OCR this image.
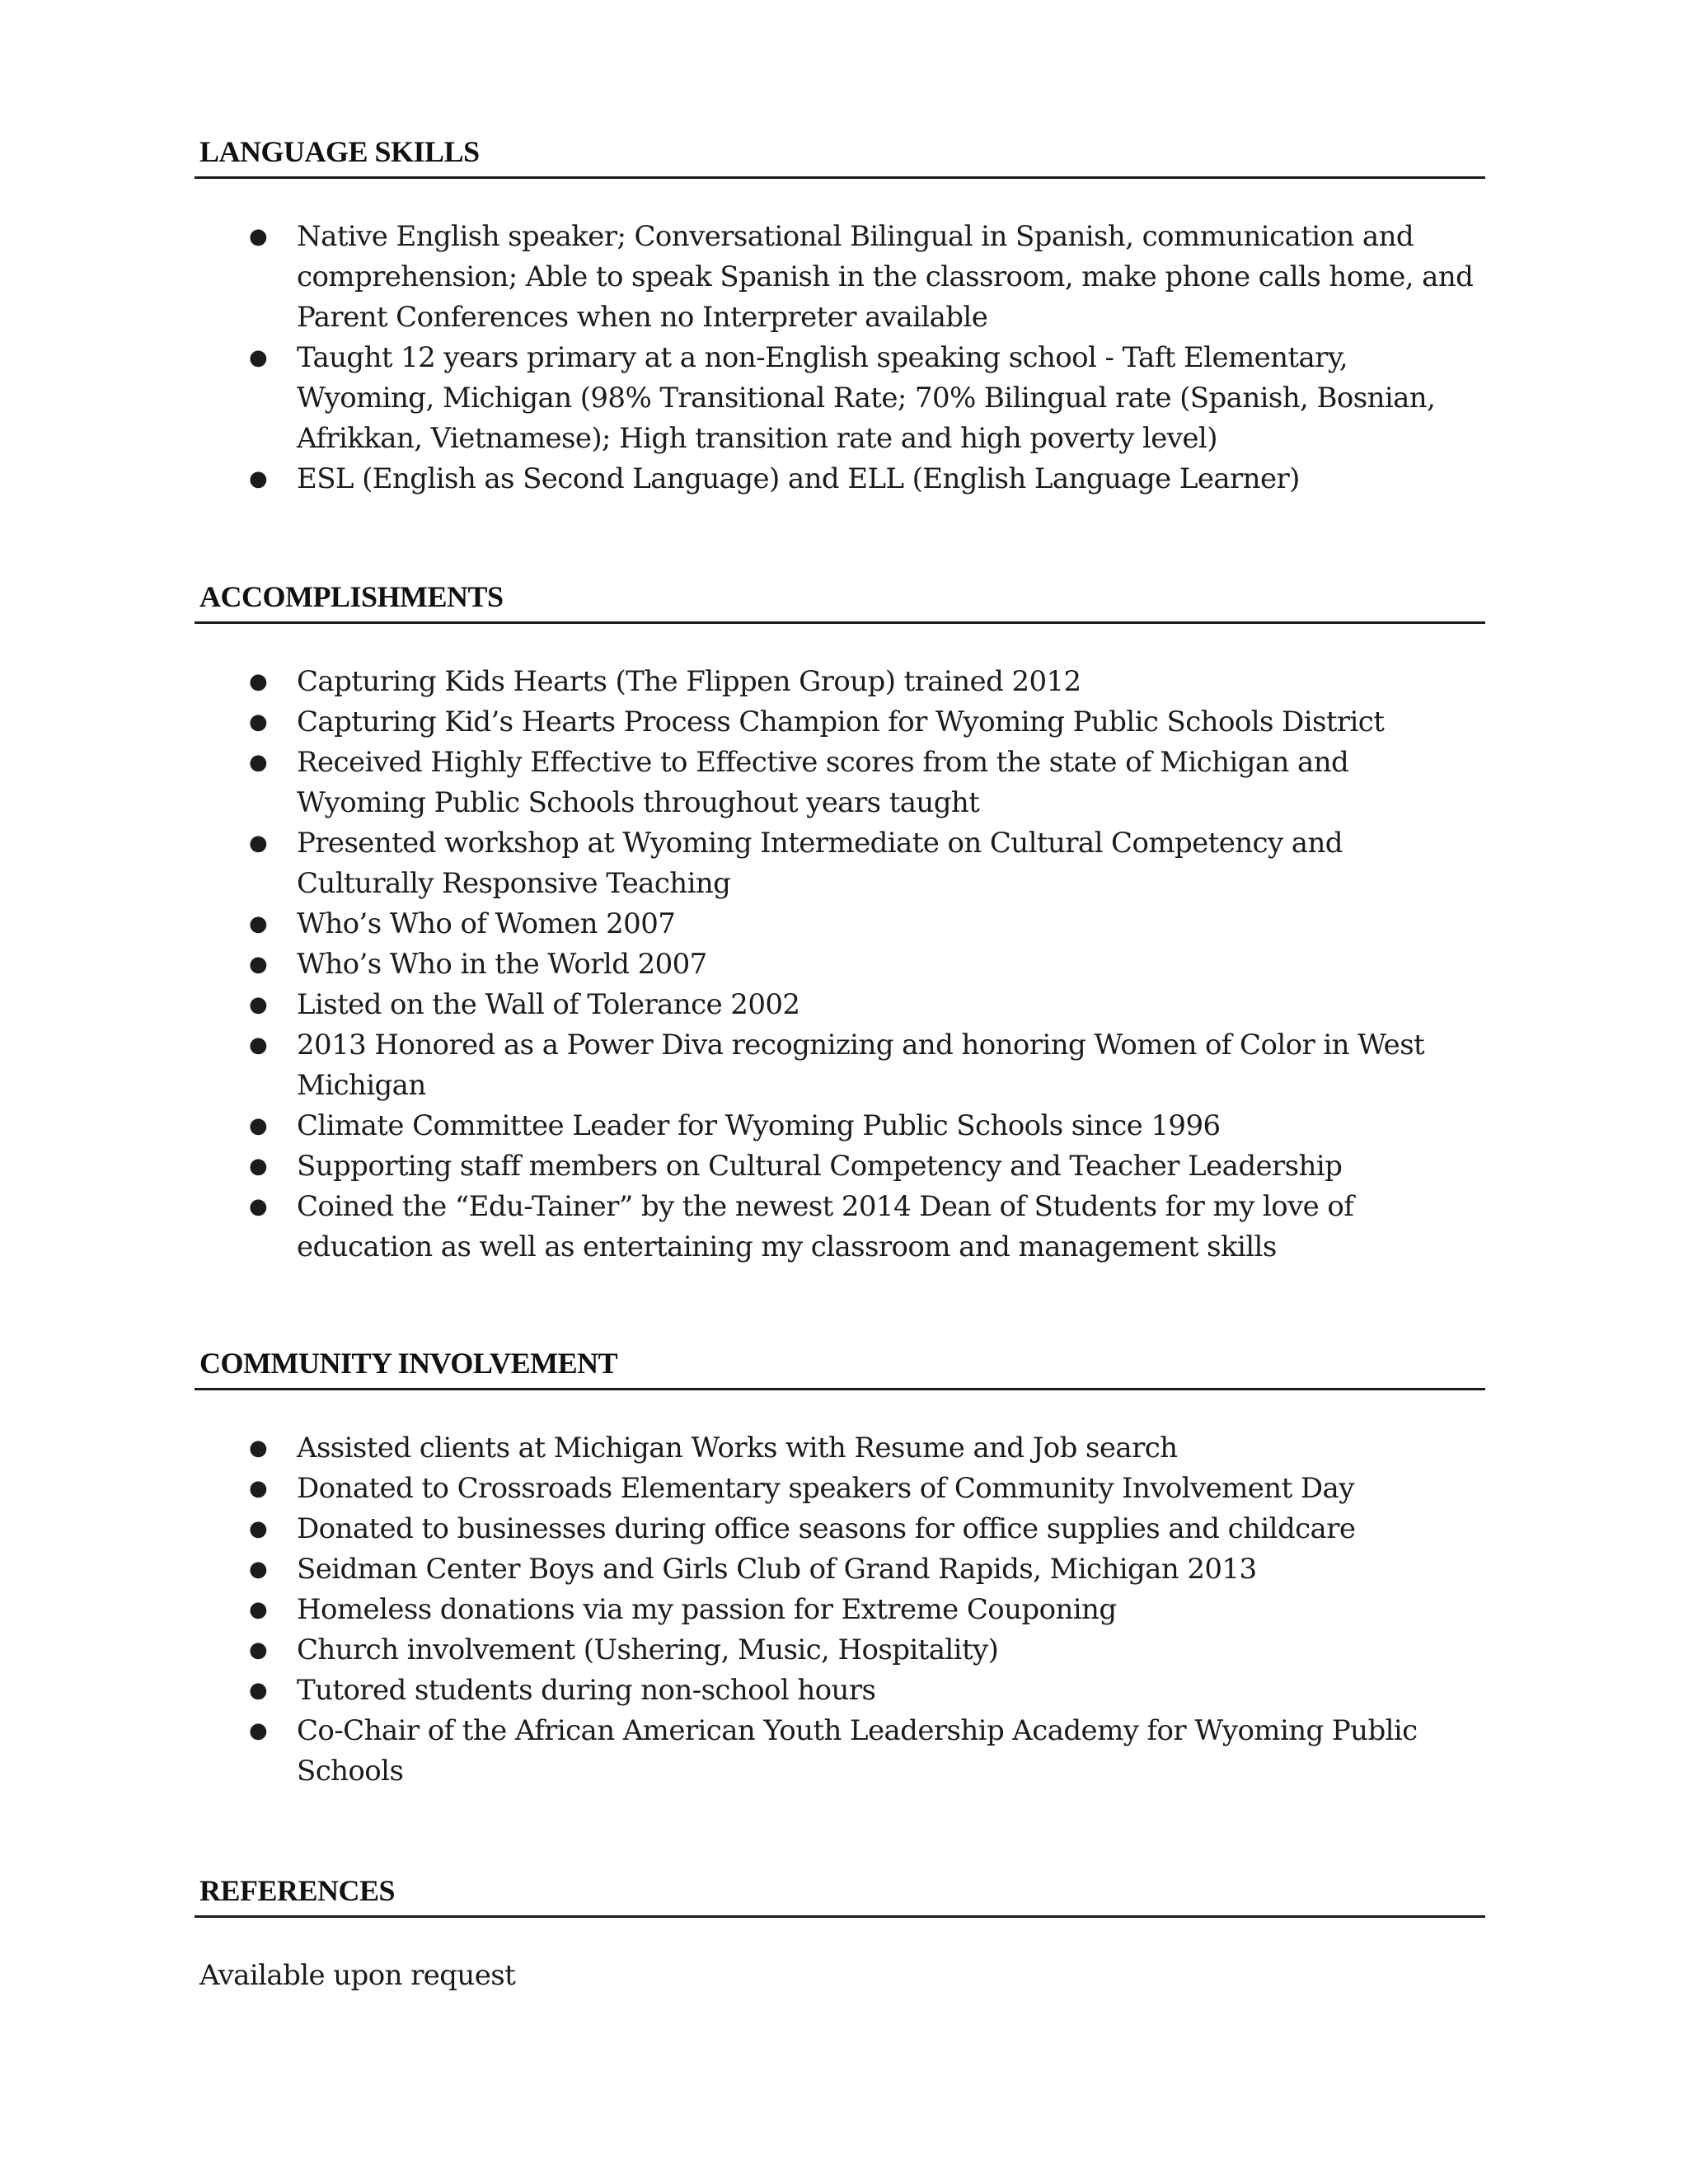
LANGUAGE SKILLS
● Native English speaker; Conversational Bilingual in Spanish, communication and comprehension; Able to speak Spanish in the classroom, make phone calls home, and Parent Conferences when no Interpreter available
● Taught 12 years primary at a non-English speaking school - Taft Elementary, Wyoming, Michigan (98% Transitional Rate; 70% Bilingual rate (Spanish, Bosnian, Afrikkan, Vietnamese); High transition rate and high poverty level)
● ESL (English as Second Language) and ELL (English Language Learner)
ACCOMPLISHMENTS
● Capturing Kids Hearts (The Flippen Group) trained 2012
● Capturing Kid’s Hearts Process Champion for Wyoming Public Schools District
● Received Highly Effective to Effective scores from the state of Michigan and Wyoming Public Schools throughout years taught
● Presented workshop at Wyoming Intermediate on Cultural Competency and Culturally Responsive Teaching
● Who’s Who of Women 2007
● Who’s Who in the World 2007
● Listed on the Wall of Tolerance 2002
● 2013 Honored as a Power Diva recognizing and honoring Women of Color in West Michigan
● Climate Committee Leader for Wyoming Public Schools since 1996
● Supporting staff members on Cultural Competency and Teacher Leadership
● Coined the “Edu-Tainer” by the newest 2014 Dean of Students for my love of education as well as entertaining my classroom and management skills
COMMUNITY INVOLVEMENT
● Assisted clients at Michigan Works with Resume and Job search
● Donated to Crossroads Elementary speakers of Community Involvement Day
● Donated to businesses during office seasons for office supplies and childcare
● Seidman Center Boys and Girls Club of Grand Rapids, Michigan 2013
● Homeless donations via my passion for Extreme Couponing
● Church involvement (Ushering, Music, Hospitality)
● Tutored students during non-school hours
● Co-Chair of the African American Youth Leadership Academy for Wyoming Public Schools
REFERENCES
Available upon request
